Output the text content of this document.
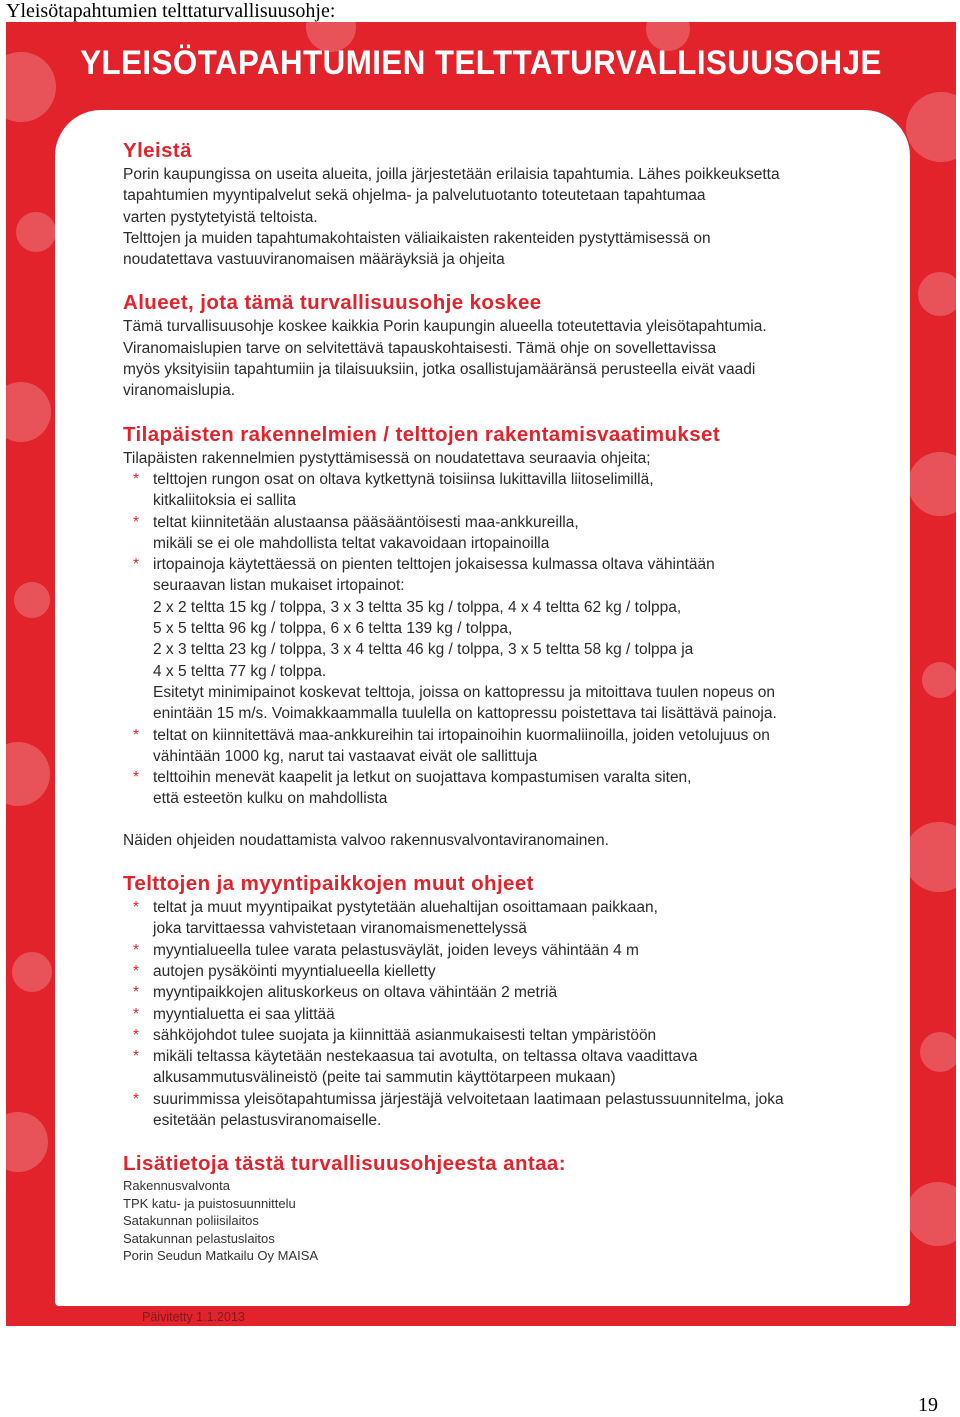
Yleisötapahtumien telttaturvallisuusohje:
YLEISÖTAPAHTUMIEN TELTTATURVALLISUUSOHJE
Yleistä
Porin kaupungissa on useita alueita, joilla järjestetään erilaisia tapahtumia. Lähes poikkeuksetta
tapahtumien myyntipalvelut sekä ohjelma- ja palvelutuotanto toteutetaan tapahtumaa
varten pystytetyistä teltoista.
Telttojen ja muiden tapahtumakohtaisten väliaikaisten rakenteiden pystyttämisessä on
noudatettava vastuuviranomaisen määräyksiä ja ohjeita
Alueet, jota tämä turvallisuusohje koskee
Tämä turvallisuusohje koskee kaikkia Porin kaupungin alueella toteutettavia yleisötapahtumia.
Viranomaislupien tarve on selvitettävä tapauskohtaisesti. Tämä ohje on sovellettavissa
myös yksityisiin tapahtumiin ja tilaisuuksiin, jotka osallistujamääränsä perusteella eivät vaadi
viranomaislupia.
Tilapäisten rakennelmien / telttojen rakentamisvaatimukset
Tilapäisten rakennelmien pystyttämisessä on noudatettava seuraavia ohjeita;
* telttojen rungon osat on oltava kytkettynä toisiinsa lukittavilla liitoselimillä,
kitkaliitoksia ei sallita
* teltat kiinnitetään alustaansa pääsääntöisesti maa-ankkureilla,
mikäli se ei ole mahdollista teltat vakavoidaan irtopainoilla
* irtopainoja käytettäessä on pienten telttojen jokaisessa kulmassa oltava vähintään
seuraavan listan mukaiset irtopainot:
2 x 2 teltta 15 kg / tolppa, 3 x 3 teltta 35 kg / tolppa, 4 x 4 teltta 62 kg / tolppa,
5 x 5 teltta 96 kg / tolppa, 6 x 6 teltta 139 kg / tolppa,
2 x 3 teltta 23 kg / tolppa, 3 x 4 teltta 46 kg / tolppa, 3 x 5 teltta 58 kg / tolppa ja
4 x 5 teltta 77 kg / tolppa.
Esitetyt minimipainot koskevat telttoja, joissa on kattopressu ja mitoittava tuulen nopeus on
enintään 15 m/s. Voimakkaammalla tuulella on kattopressu poistettava tai lisättävä painoja.
* teltat on kiinnitettävä maa-ankkureihin tai irtopainoihin kuormaliinoilla, joiden vetolujuus on
vähintään 1000 kg, narut tai vastaavat eivät ole sallittuja
* telttoihin menevät kaapelit ja letkut on suojattava kompastumisen varalta siten,
että esteetön kulku on mahdollista
Näiden ohjeiden noudattamista valvoo rakennusvalvontaviranomainen.
Telttojen ja myyntipaikkojen muut ohjeet
* teltat ja muut myyntipaikat pystytetään aluehaltijan osoittamaan paikkaan,
joka tarvittaessa vahvistetaan viranomaismenettelyssä
* myyntialueella tulee varata pelastusväylät, joiden leveys vähintään 4 m
* autojen pysäköinti myyntialueella kielletty
* myyntipaikkojen alituskorkeus on oltava vähintään 2 metriä
* myyntialuetta ei saa ylittää
* sähköjohdot tulee suojata ja kiinnittää asianmukaisesti teltan ympäristöön
* mikäli teltassa käytetään nestekaasua tai avotulta, on teltassa oltava vaadittava
alkusammutusvälineistö (peite tai sammutin käyttötarpeen mukaan)
* suurimmissa yleisötapahtumissa järjestäjä velvoitetaan laatimaan pelastussuunnitelma, joka
esitetään pelastusviranomaiselle.
Lisätietoja tästä turvallisuusohjeesta antaa:
Rakennusvalvonta
TPK katu- ja puistosuunnittelu
Satakunnan poliisilaitos
Satakunnan pelastuslaitos
Porin Seudun Matkailu Oy MAISA
Päivitetty 1.1.2013
19
